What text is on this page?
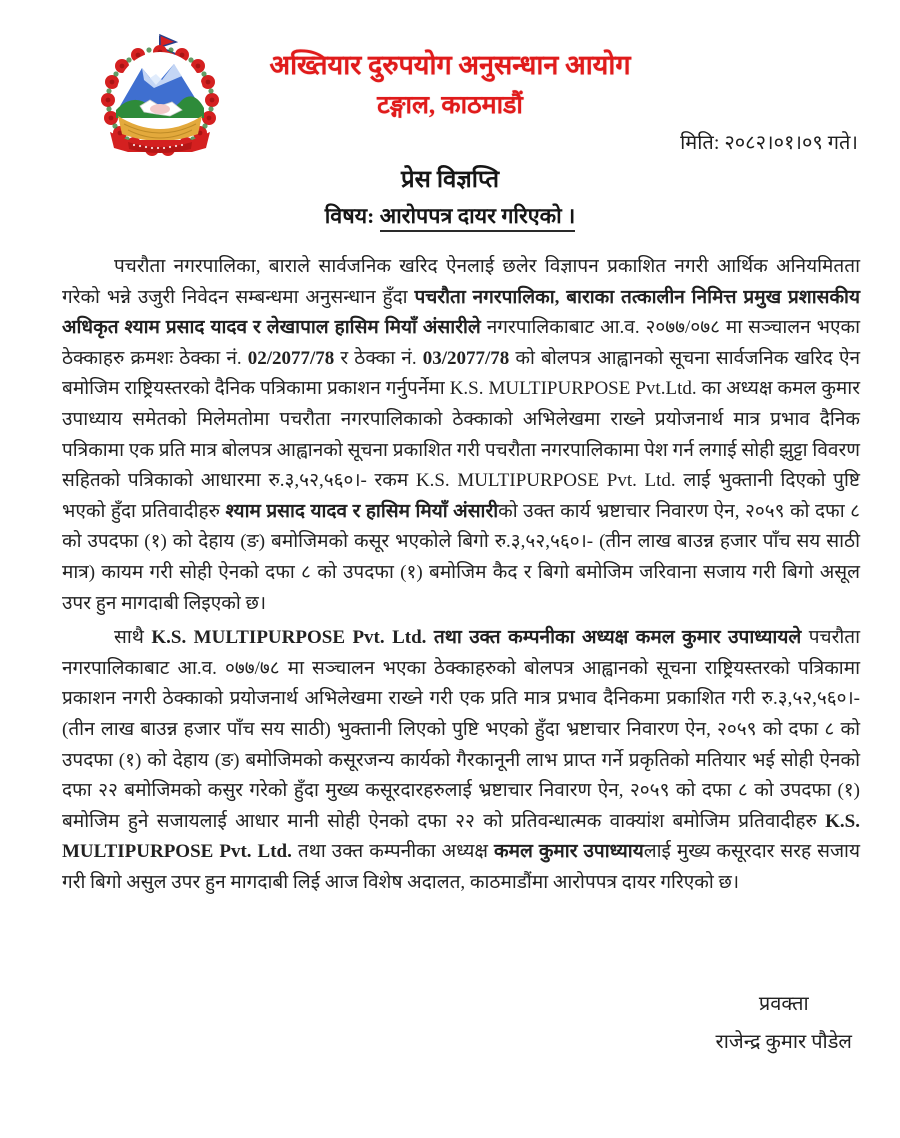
अख्तियार दुरुपयोग अनुसन्धान आयोग
टङ्गाल, काठमाडौं
मिति: २०८२।०१।०९ गते।
प्रेस विज्ञप्ति
विषय: आरोपपत्र दायर गरिएको ।

पचरौता नगरपालिका, बाराले सार्वजनिक खरिद ऐनलाई छलेर विज्ञापन प्रकाशित नगरी आर्थिक अनियमितता गरेको भन्ने उजुरी निवेदन सम्बन्धमा अनुसन्धान हुँदा पचरौता नगरपालिका, बाराका तत्कालीन निमित्त प्रमुख प्रशासकीय अधिकृत श्याम प्रसाद यादव र लेखापाल हासिम मियाँ अंसारीले नगरपालिकाबाट आ.व. २०७७/०७८ मा सञ्चालन भएका ठेक्काहरु क्रमशः ठेक्का नं. 02/2077/78 र ठेक्का नं. 03/2077/78 को बोलपत्र आह्वानको सूचना सार्वजनिक खरिद ऐन बमोजिम राष्ट्रियस्तरको दैनिक पत्रिकामा प्रकाशन गर्नुपर्नेमा K.S. MULTIPURPOSE Pvt.Ltd. का अध्यक्ष कमल कुमार उपाध्याय समेतको मिलेमतोमा पचरौता नगरपालिकाको ठेक्काको अभिलेखमा राख्ने प्रयोजनार्थ मात्र प्रभाव दैनिक पत्रिकामा एक प्रति मात्र बोलपत्र आह्वानको सूचना प्रकाशित गरी पचरौता नगरपालिकामा पेश गर्न लगाई सोही झुट्टा विवरण सहितको पत्रिकाको आधारमा रु.३,५२,५६०।- रकम K.S. MULTIPURPOSE Pvt. Ltd. लाई भुक्तानी दिएको पुष्टि भएको हुँदा प्रतिवादीहरु श्याम प्रसाद यादव र हासिम मियाँ अंसारीको उक्त कार्य भ्रष्टाचार निवारण ऐन, २०५९ को दफा ८ को उपदफा (१) को देहाय (ङ) बमोजिमको कसूर भएकोले बिगो रु.३,५२,५६०।- (तीन लाख बाउन्न हजार पाँच सय साठी मात्र) कायम गरी सोही ऐनको दफा ८ को उपदफा (१) बमोजिम कैद र बिगो बमोजिम जरिवाना सजाय गरी बिगो असूल उपर हुन मागदाबी लिइएको छ।

साथै K.S. MULTIPURPOSE Pvt. Ltd. तथा उक्त कम्पनीका अध्यक्ष कमल कुमार उपाध्यायले पचरौता नगरपालिकाबाट आ.व. ०७७/७८ मा सञ्चालन भएका ठेक्काहरुको बोलपत्र आह्वानको सूचना राष्ट्रियस्तरको पत्रिकामा प्रकाशन नगरी ठेक्काको प्रयोजनार्थ अभिलेखमा राख्ने गरी एक प्रति मात्र प्रभाव दैनिकमा प्रकाशित गरी रु.३,५२,५६०।- (तीन लाख बाउन्न हजार पाँच सय साठी) भुक्तानी लिएको पुष्टि भएको हुँदा भ्रष्टाचार निवारण ऐन, २०५९ को दफा ८ को उपदफा (१) को देहाय (ङ) बमोजिमको कसूरजन्य कार्यको गैरकानूनी लाभ प्राप्त गर्ने प्रकृतिको मतियार भई सोही ऐनको दफा २२ बमोजिमको कसुर गरेको हुँदा मुख्य कसूरदारहरुलाई भ्रष्टाचार निवारण ऐन, २०५९ को दफा ८ को उपदफा (१) बमोजिम हुने सजायलाई आधार मानी सोही ऐनको दफा २२ को प्रतिवन्धात्मक वाक्यांश बमोजिम प्रतिवादीहरु K.S. MULTIPURPOSE Pvt. Ltd. तथा उक्त कम्पनीका अध्यक्ष कमल कुमार उपाध्यायलाई मुख्य कसूरदार सरह सजाय गरी बिगो असुल उपर हुन मागदाबी लिई आज विशेष अदालत, काठमाडौंमा आरोपपत्र दायर गरिएको छ।

प्रवक्ता
राजेन्द्र कुमार पौडेल
